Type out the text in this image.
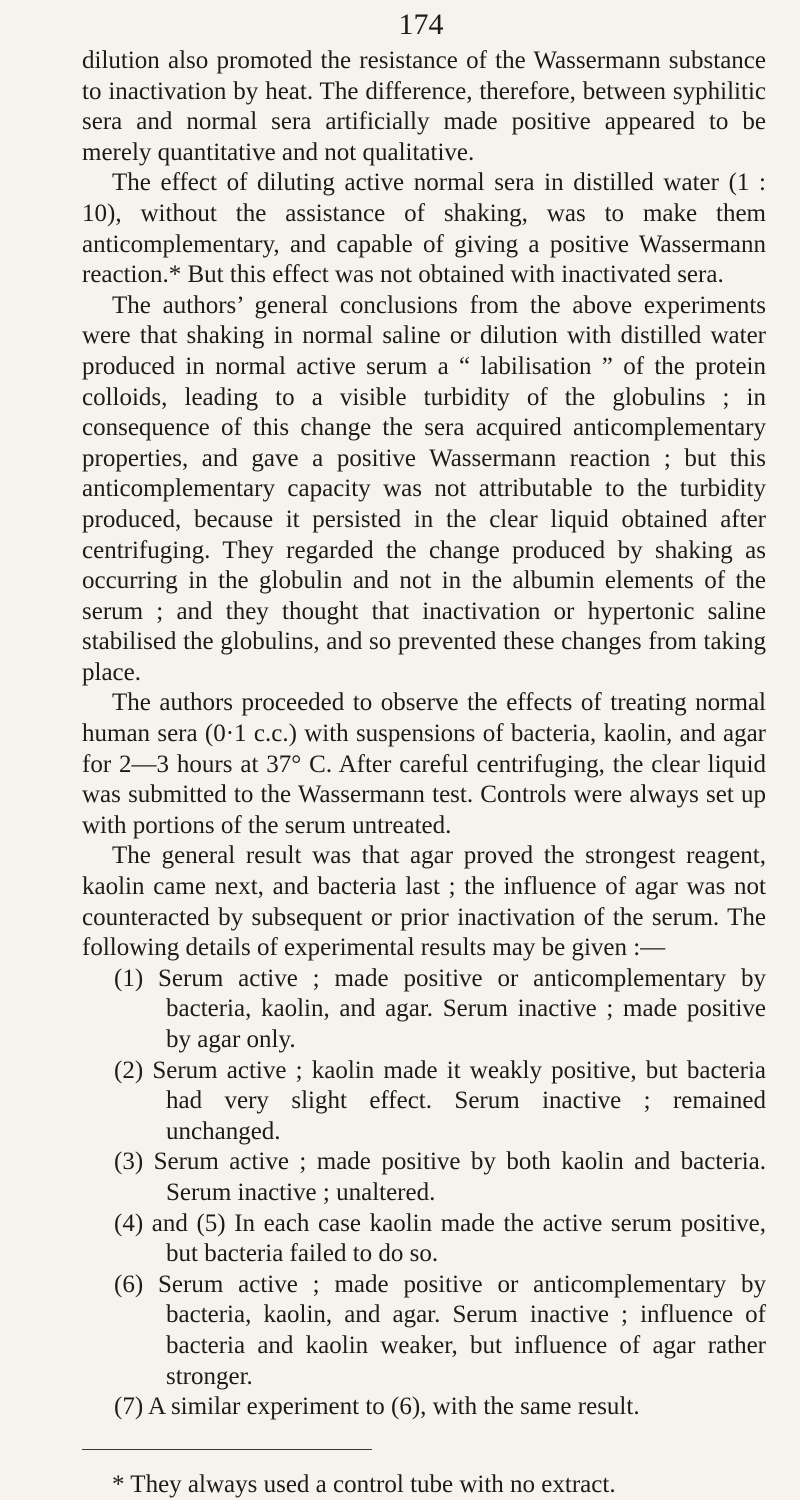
174

dilution also promoted the resistance of the Wassermann substance to inactivation by heat. The difference, therefore, between syphilitic sera and normal sera artificially made positive appeared to be merely quantitative and not qualitative.

The effect of diluting active normal sera in distilled water (1 : 10), without the assistance of shaking, was to make them anticomplementary, and capable of giving a positive Wassermann reaction.* But this effect was not obtained with inactivated sera.

The authors’ general conclusions from the above experiments were that shaking in normal saline or dilution with distilled water produced in normal active serum a “ labilisation ” of the protein colloids, leading to a visible turbidity of the globulins ; in consequence of this change the sera acquired anticomplementary properties, and gave a positive Wassermann reaction ; but this anticomplementary capacity was not attributable to the turbidity produced, because it persisted in the clear liquid obtained after centrifuging. They regarded the change produced by shaking as occurring in the globulin and not in the albumin elements of the serum ; and they thought that inactivation or hypertonic saline stabilised the globulins, and so prevented these changes from taking place.

The authors proceeded to observe the effects of treating normal human sera (0·1 c.c.) with suspensions of bacteria, kaolin, and agar for 2—3 hours at 37° C. After careful centrifuging, the clear liquid was submitted to the Wassermann test. Controls were always set up with portions of the serum untreated.

The general result was that agar proved the strongest reagent, kaolin came next, and bacteria last ; the influence of agar was not counteracted by subsequent or prior inactivation of the serum. The following details of experimental results may be given :—

(1) Serum active ; made positive or anticomplementary by bacteria, kaolin, and agar. Serum inactive ; made positive by agar only.
(2) Serum active ; kaolin made it weakly positive, but bacteria had very slight effect. Serum inactive ; remained unchanged.
(3) Serum active ; made positive by both kaolin and bacteria. Serum inactive ; unaltered.
(4) and (5) In each case kaolin made the active serum positive, but bacteria failed to do so.
(6) Serum active ; made positive or anticomplementary by bacteria, kaolin, and agar. Serum inactive ; influence of bacteria and kaolin weaker, but influence of agar rather stronger.
(7) A similar experiment to (6), with the same result.

* They always used a control tube with no extract.
